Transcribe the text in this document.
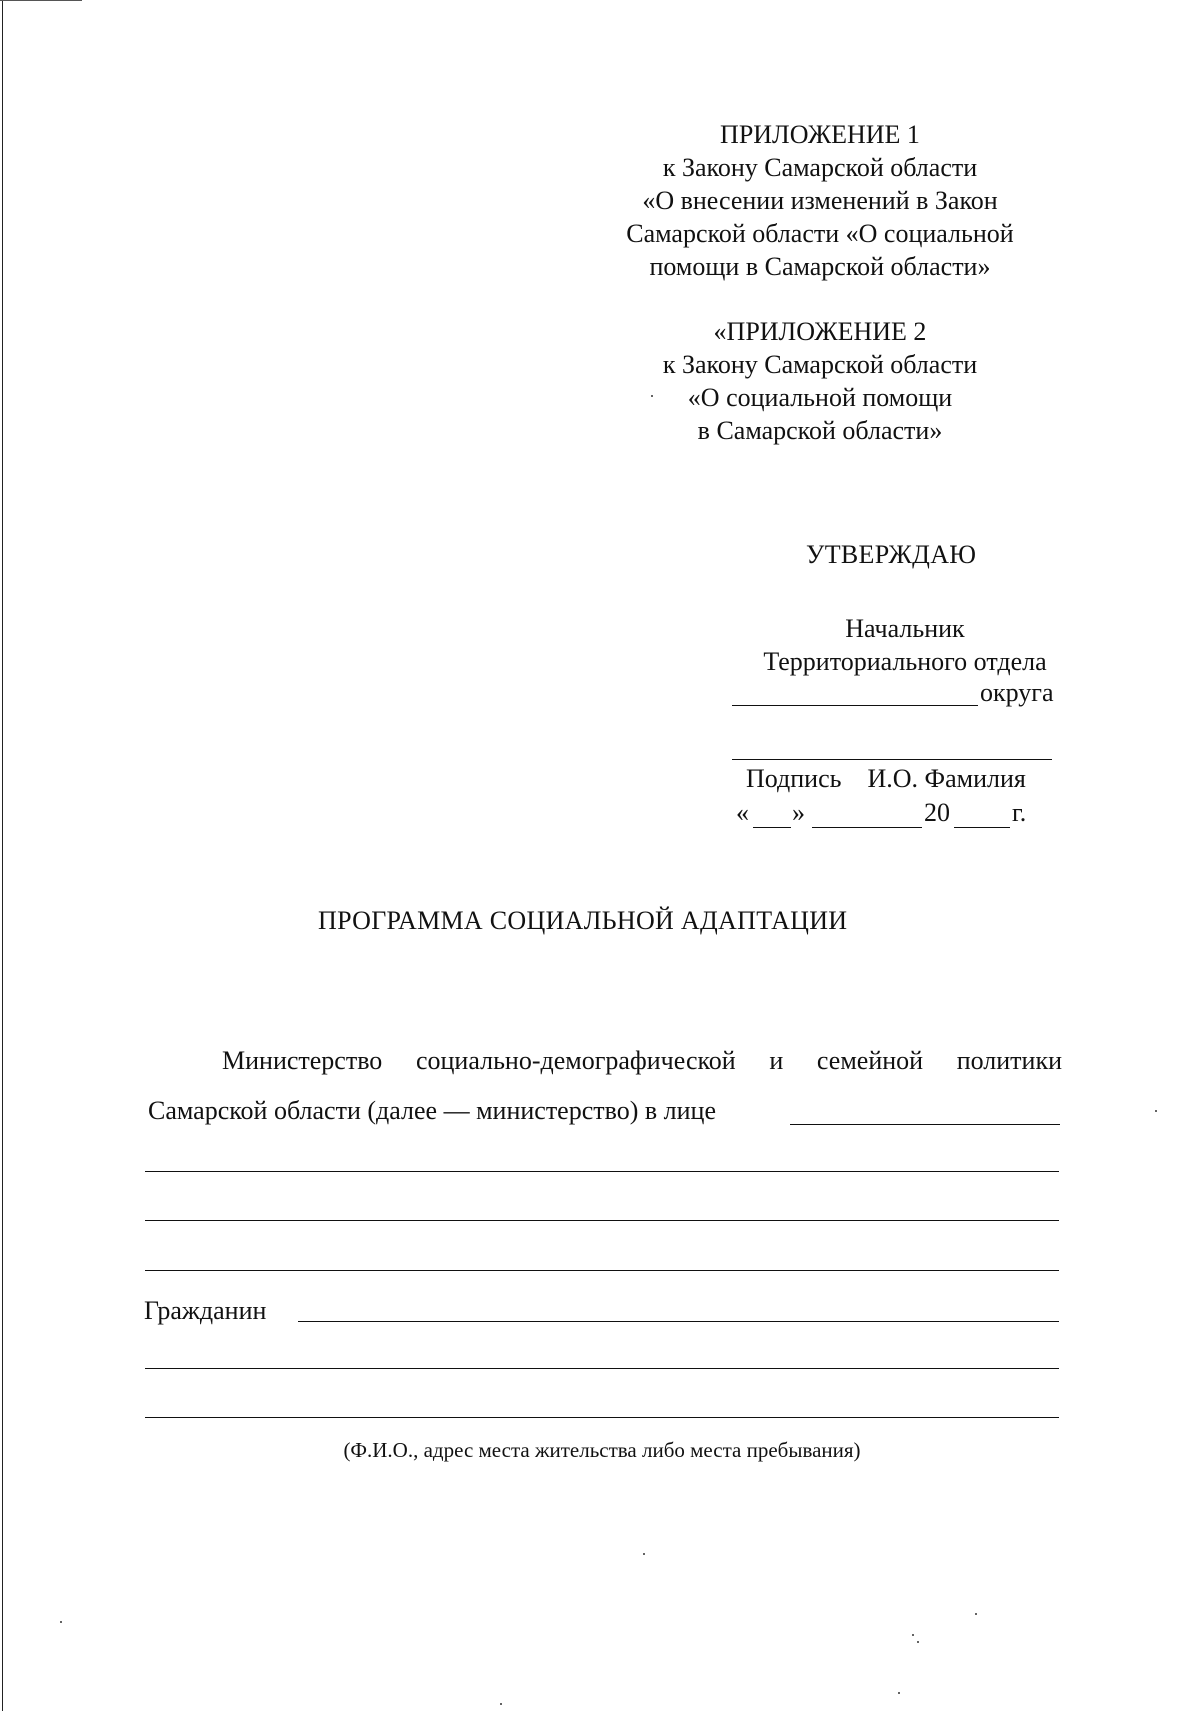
ПРИЛОЖЕНИЕ 1
к Закону Самарской области
«О внесении изменений в Закон
Самарской области «О социальной
помощи в Самарской области»
«ПРИЛОЖЕНИЕ 2
к Закону Самарской области
«О социальной помощи
в Самарской области»
УТВЕРЖДАЮ
Начальник
Территориального отдела
округа
Подпись И.О. Фамилия
« »	20 г.
ПРОГРАММА СОЦИАЛЬНОЙ АДАПТАЦИИ
Министерство социально-демографической и семейной политики
Самарской области (далее — министерство) в лице
Гражданин
(Ф.И.О., адрес места жительства либо места пребывания)
